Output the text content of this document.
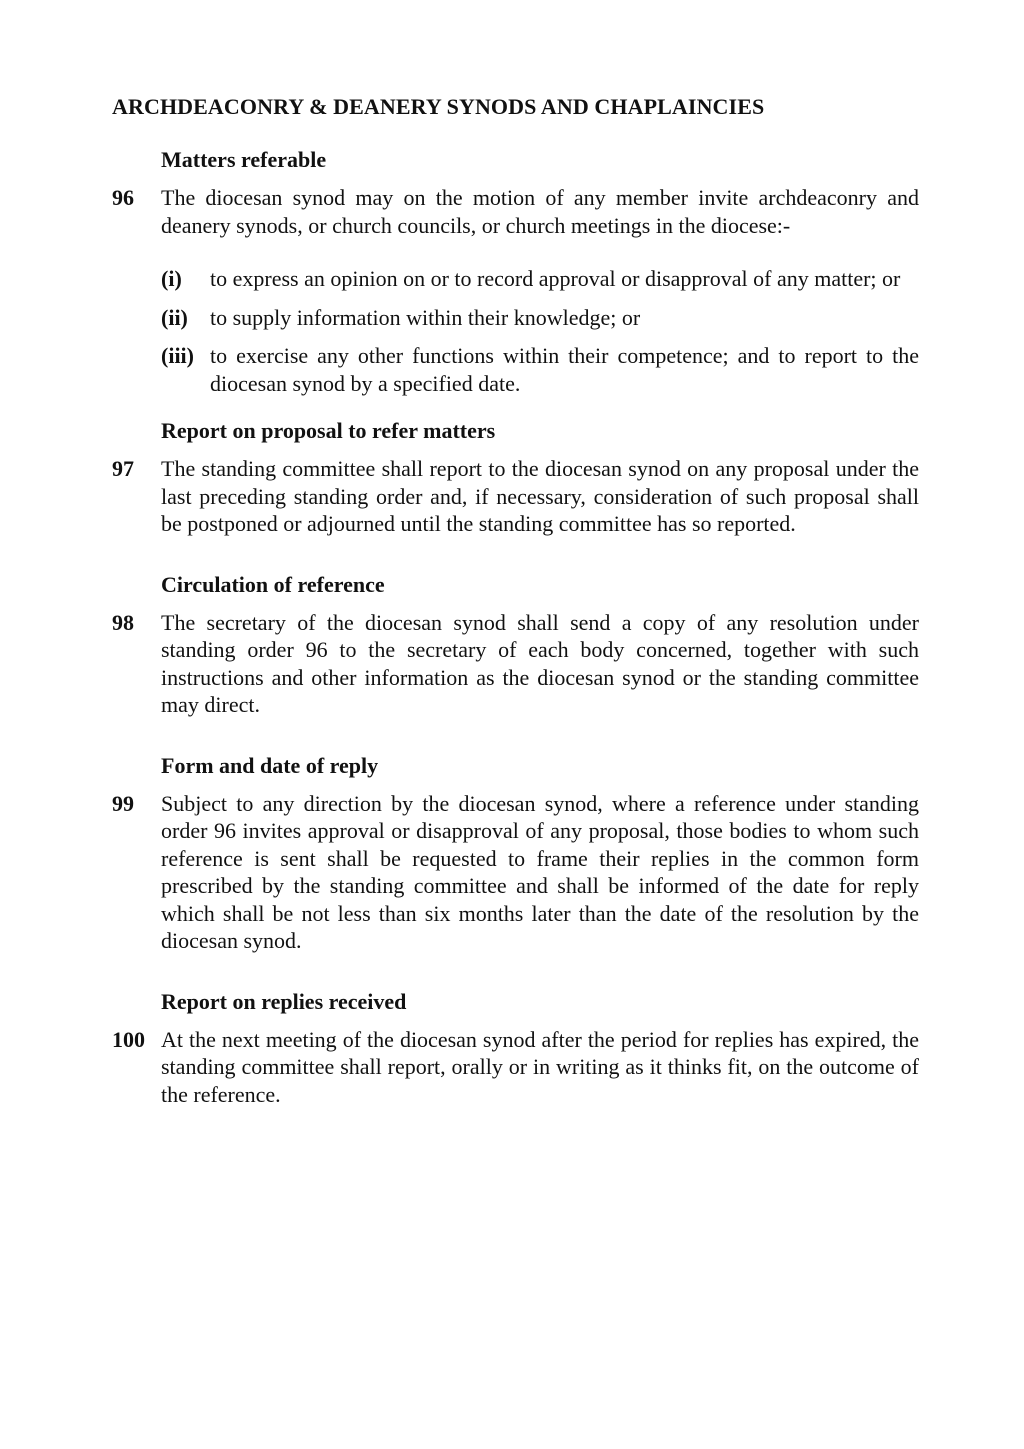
ARCHDEACONRY & DEANERY SYNODS AND CHAPLAINCIES
Matters referable
96	The diocesan synod may on the motion of any member invite archdeaconry and deanery synods, or church councils, or church meetings in the diocese:-

(i)	to express an opinion on or to record approval or disapproval of any matter; or
(ii)	to supply information within their knowledge; or
(iii) to exercise any other functions within their competence; and to report to the diocesan synod by a specified date.
Report on proposal to refer matters
97	The standing committee shall report to the diocesan synod on any proposal under the last preceding standing order and, if necessary, consideration of such proposal shall be postponed or adjourned until the standing committee has so reported.

Circulation of reference
98	The secretary of the diocesan synod shall send a copy of any resolution under standing order 96 to the secretary of each body concerned, together with such instructions and other information as the diocesan synod or the standing committee may direct.

Form and date of reply
99	Subject to any direction by the diocesan synod, where a reference under standing order 96 invites approval or disapproval of any proposal, those bodies to whom such reference is sent shall be requested to frame their replies in the common form prescribed by the standing committee and shall be informed of the date for reply which shall be not less than six months later than the date of the resolution by the diocesan synod.

Report on replies received
100 At the next meeting of the diocesan synod after the period for replies has expired, the standing committee shall report, orally or in writing as it thinks fit, on the outcome of the reference.
